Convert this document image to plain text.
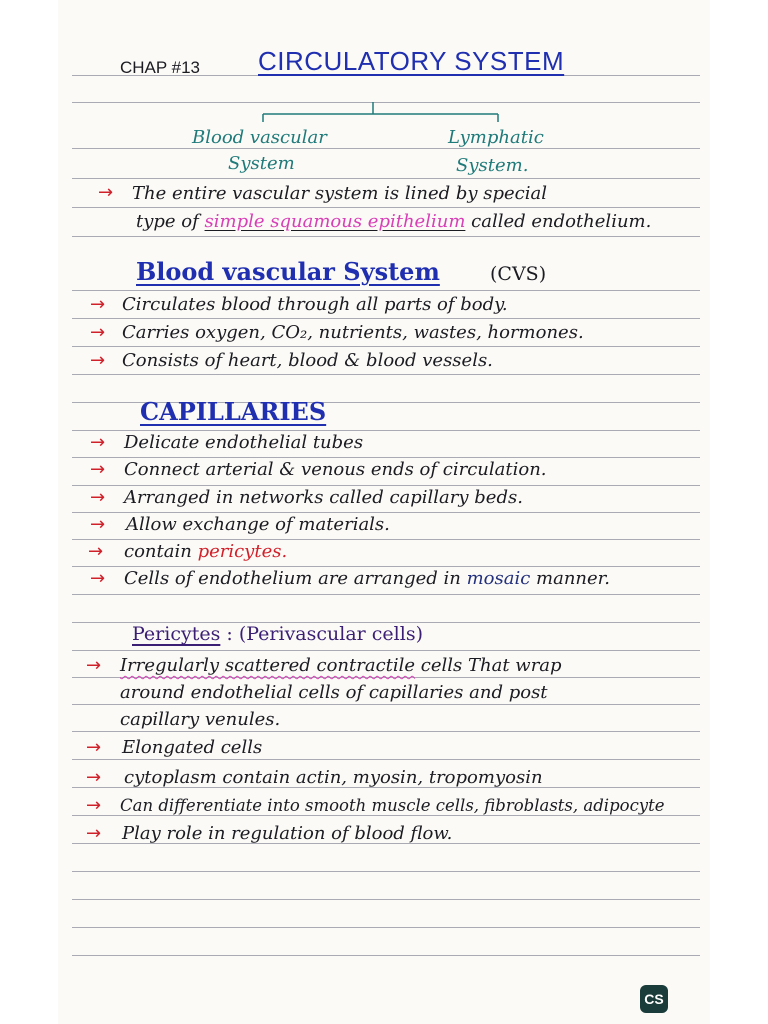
CHAP #13 CIRCULATORY SYSTEM
Blood vascular
System
Lymphatic
System.
→ The entire vascular system is lined by special
type of simple squamous epithelium called endothelium.
Blood vascular System	(CVS)
→ Circulates blood through all parts of body.
→ Carries oxygen, CO₂, nutrients, wastes, hormones.
→ Consists of heart, blood & blood vessels.
CAPILLARIES
→ Delicate endothelial tubes
→ Connect arterial & venous ends of circulation.
→ Arranged in networks called capillary beds.
→ Allow exchange of materials.
→ contain pericytes.
→ Cells of endothelium are arranged in mosaic manner.
Pericytes : (Perivascular cells)
→ Irregularly scattered contractile cells That wrap
around endothelial cells of capillaries and post
capillary venules.
→ Elongated cells
→ cytoplasm contain actin, myosin, tropomyosin
→ Can differentiate into smooth muscle cells, fibroblasts, adipocyte
→ Play role in regulation of blood flow.
CS
